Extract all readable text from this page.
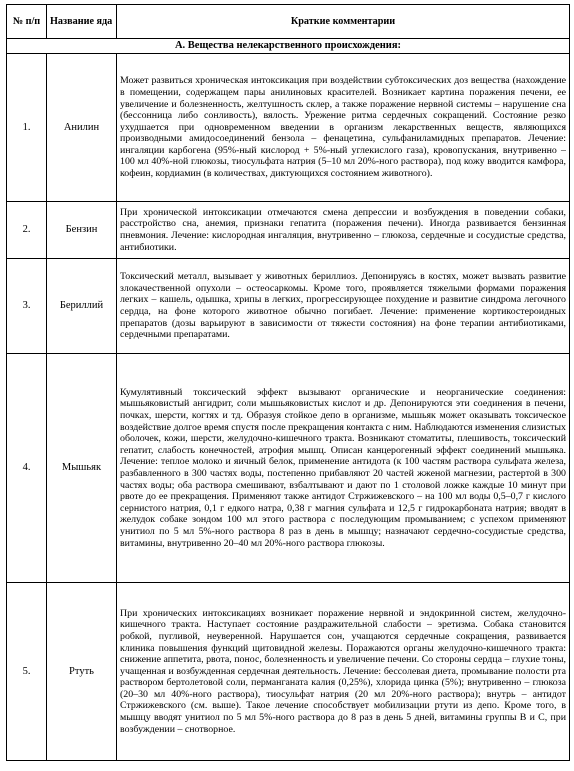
№ п/п	Название яда	Краткие комментарии
А. Вещества нелекарственного происхождения:		
1.	Анилин	Может развиться хроническая интоксикация при воздействии субтоксических доз вещества (нахождение в помещении, содержащем пары анилиновых красителей. Возникает картина поражения печени, ее увеличение и болезненность, желтушность склер, а также поражение нервной системы – нарушение сна (бессонница либо сонливость), вялость. Урежение ритма сердечных сокращений. Состояние резко ухудшается при одновременном введении в организм лекарственных веществ, являющихся производными амидосоединений бензола – фенацетина, сульфаниламидных препаратов. Лечение: ингаляции карбогена (95%-ный кислород + 5%-ный углекислого газа), кровопускания, внутривенно – 100 мл 40%-ной глюкозы, тиосульфата натрия (5–10 мл 20%-ного раствора), под кожу вводится камфора, кофеин, кордиамин (в количествах, диктующихся состоянием животного).
2.	Бензин	При хронической интоксикации отмечаются смена депрессии и возбуждения в поведении собаки, расстройство сна, анемия, признаки гепатита (поражения печени). Иногда развивается бензинная пневмония. Лечение: кислородная ингаляция, внутривенно – глюкоза, сердечные и сосудистые средства, антибиотики.
3.	Бериллий	Токсический металл, вызывает у животных бериллиоз. Депонируясь в костях, может вызвать развитие злокачественной опухоли – остеосаркомы. Кроме того, проявляется тяжелыми формами поражения легких – кашель, одышка, хрипы в легких, прогрессирующее похудение и развитие синдрома легочного сердца, на фоне которого животное обычно погибает. Лечение: применение кортикостероидных препаратов (дозы варьируют в зависимости от тяжести состояния) на фоне терапии антибиотиками, сердечными препаратами.
4.	Мышьяк	Кумулятивный токсический эффект вызывают органические и неорганические соединения: мышьяковистый ангидрит, соли мышьяковистых кислот и др. Депонируются эти соединения в печени, почках, шерсти, когтях и тд. Образуя стойкое депо в организме, мышьяк может оказывать токсическое воздействие долгое время спустя после прекращения контакта с ним. Наблюдаются изменения слизистых оболочек, кожи, шерсти, желудочно-кишечного тракта. Возникают стоматиты, плешивость, токсический гепатит, слабость конечностей, атрофия мышц. Описан канцерогенный эффект соединений мышьяка. Лечение: теплое молоко и яичный белок, применение антидота (к 100 частям раствора сульфата железа, разбавленного в 300 частях воды, постепенно прибавляют 20 частей жженой магнезии, растертой в 300 частях воды; оба раствора смешивают, взбалтывают и дают по 1 столовой ложке каждые 10 минут при рвоте до ее прекращения. Применяют также антидот Стржижевского – на 100 мл воды 0,5–0,7 г кислого сернистого натрия, 0,1 г едкого натра, 0,38 г магния сульфата и 12,5 г гидрокарбоната натрия; вводят в желудок собаке зондом 100 мл этого раствора с последующим промыванием; с успехом применяют унитиол по 5 мл 5%-ного раствора 8 раз в день в мышцу; назначают сердечно-сосудистые средства, витамины, внутривенно 20–40 мл 20%-ного раствора глюкозы.
5.	Ртуть	При хронических интоксикациях возникает поражение нервной и эндокринной систем, желудочно-кишечного тракта. Наступает состояние раздражительной слабости – эретизма. Собака становится робкой, пугливой, неуверенной. Нарушается сон, учащаются сердечные сокращения, развивается клиника повышения функций щитовидной железы. Поражаются органы желудочно-кишечного тракта: снижение аппетита, рвота, понос, болезненность и увеличение печени. Со стороны сердца – глухие тоны, учащенная и возбужденная сердечная деятельность. Лечение: бессолевая диета, промывание полости рта раствором бертолетовой соли, перманганата калия (0,25%), хлорида цинка (5%); внутривенно – глюкоза (20–30 мл 40%-ного раствора), тиосульфат натрия (20 мл 20%-ного раствора); внутрь – антидот Стржижевского (см. выше). Такое лечение способствует мобилизации ртути из депо. Кроме того, в мышцу вводят унитиол по 5 мл 5%-ного раствора до 8 раз в день 5 дней, витамины группы В и С, при возбуждении – снотворное.
